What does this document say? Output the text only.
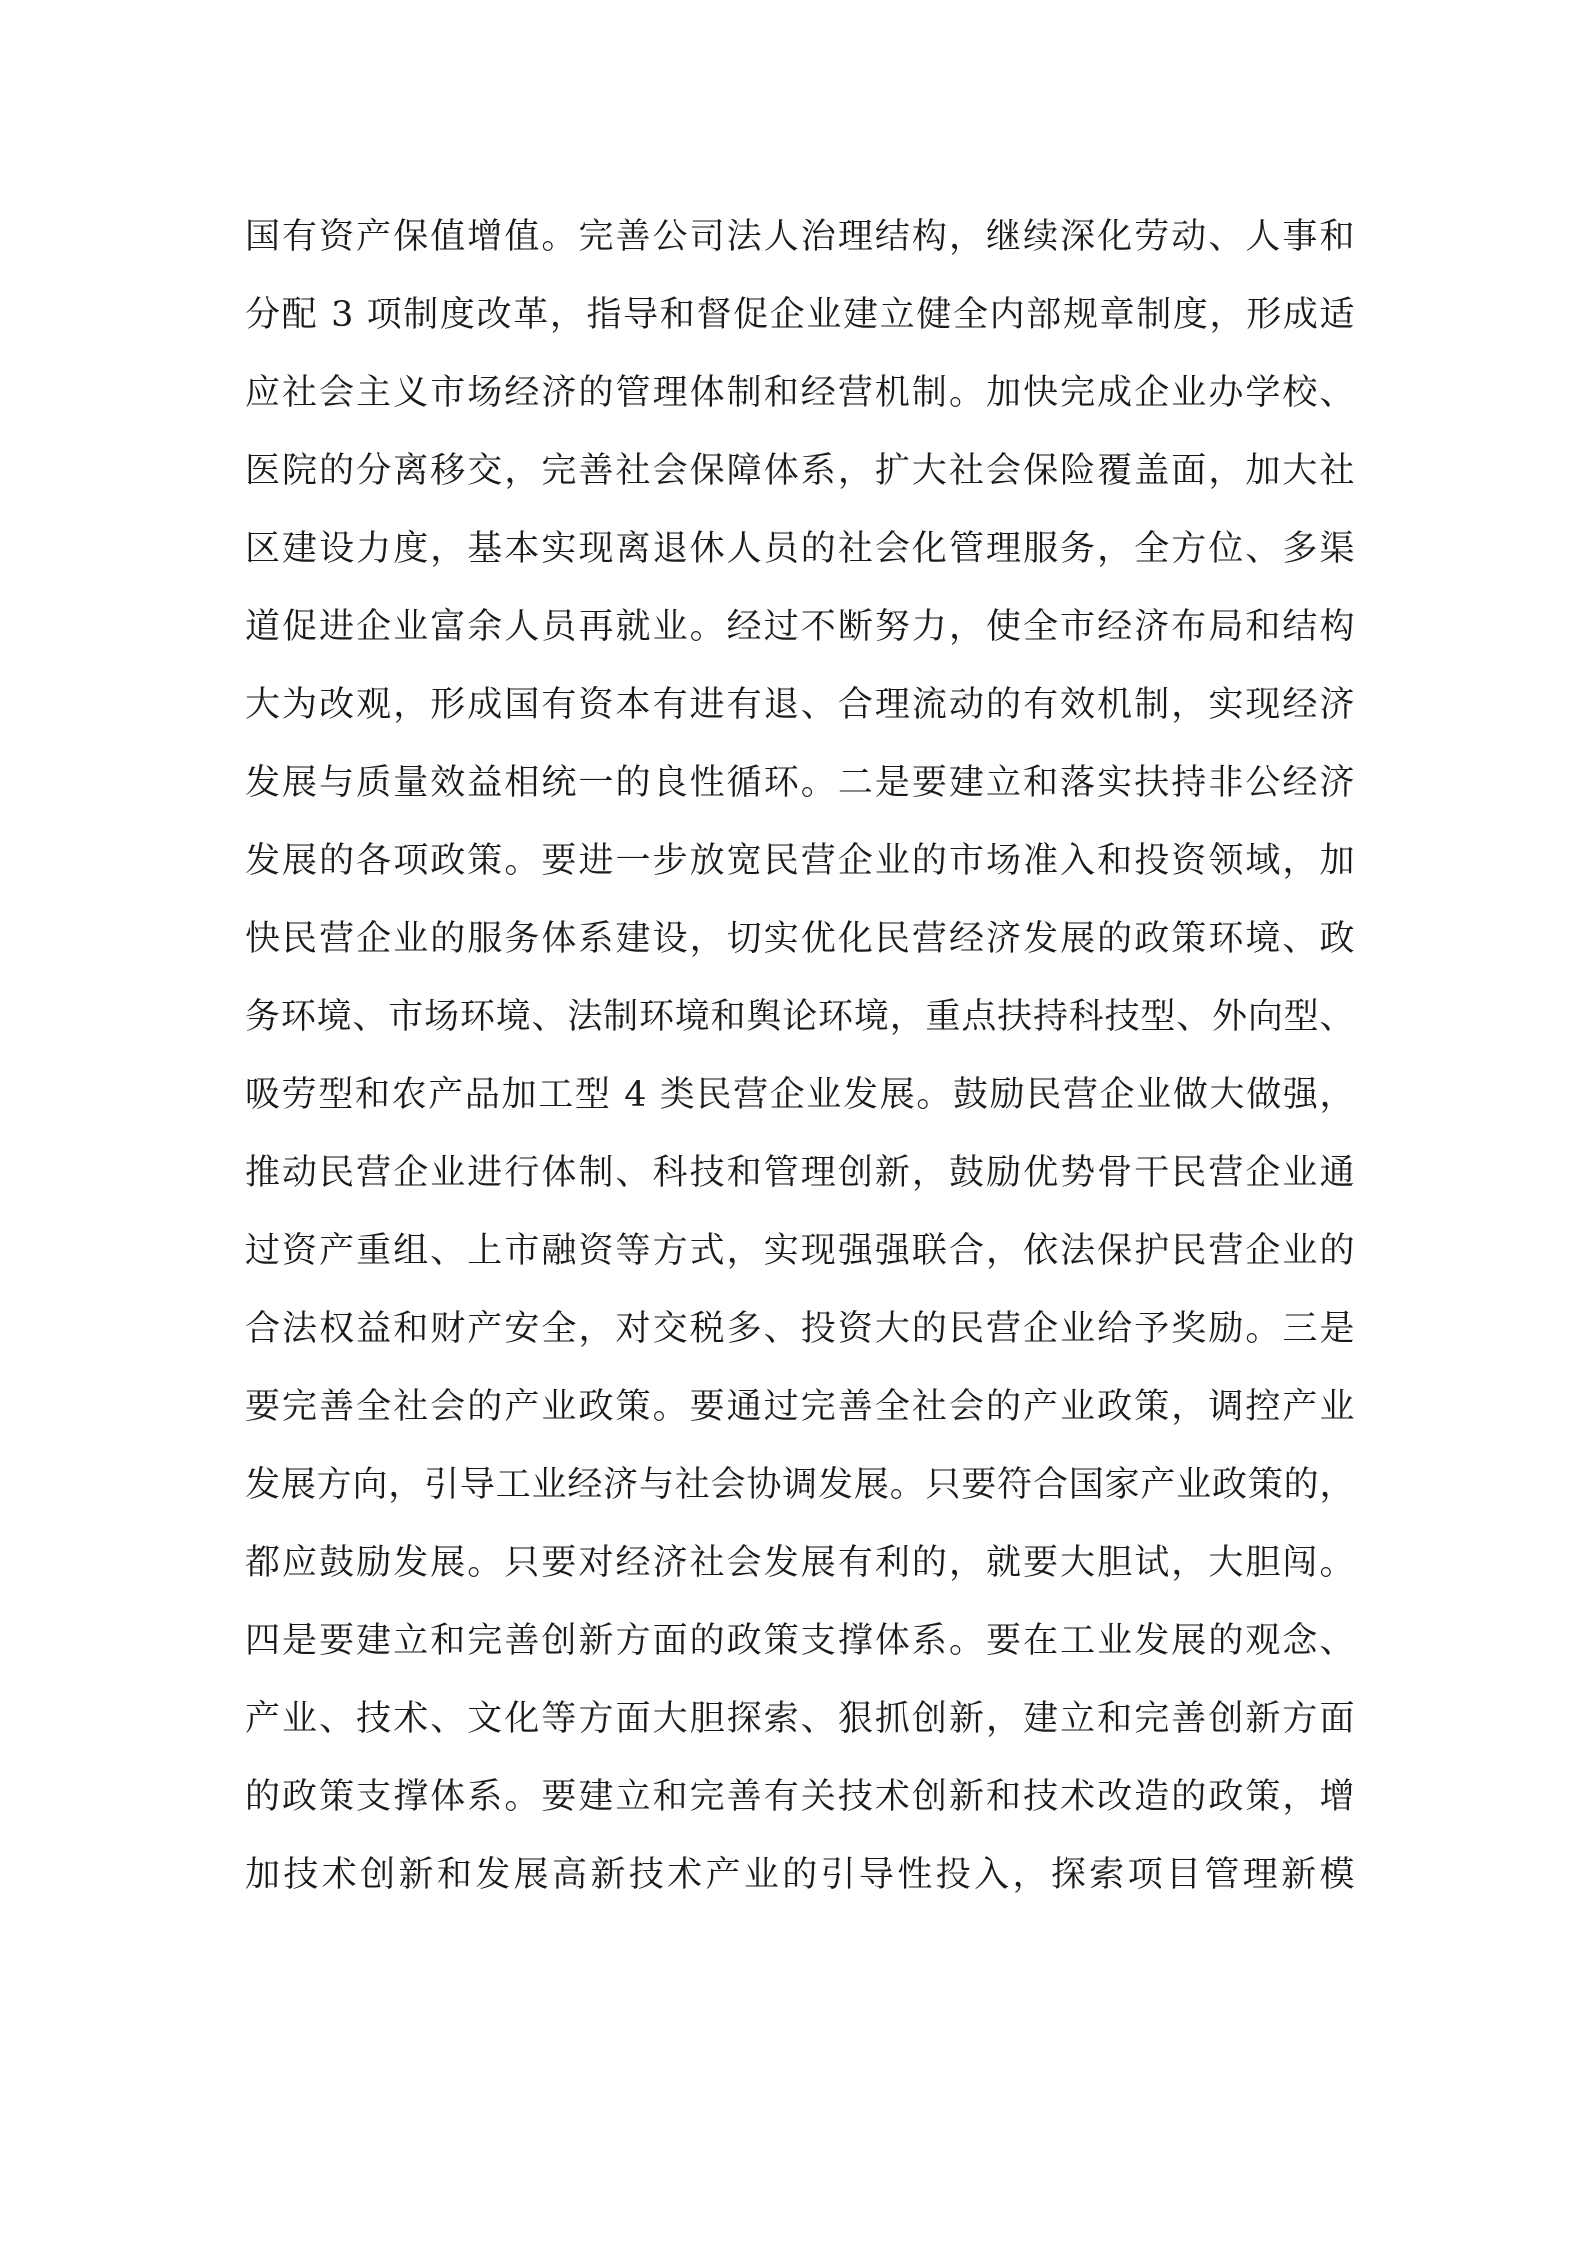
国有资产保值增值。完善公司法人治理结构，继续深化劳动、人事和
分配 3 项制度改革，指导和督促企业建立健全内部规章制度，形成适
应社会主义市场经济的管理体制和经营机制。加快完成企业办学校、
医院的分离移交，完善社会保障体系，扩大社会保险覆盖面，加大社
区建设力度，基本实现离退休人员的社会化管理服务，全方位、多渠
道促进企业富余人员再就业。经过不断努力，使全市经济布局和结构
大为改观，形成国有资本有进有退、合理流动的有效机制，实现经济
发展与质量效益相统一的良性循环。二是要建立和落实扶持非公经济
发展的各项政策。要进一步放宽民营企业的市场准入和投资领域，加
快民营企业的服务体系建设，切实优化民营经济发展的政策环境、政
务环境、市场环境、法制环境和舆论环境，重点扶持科技型、外向型、
吸劳型和农产品加工型 4 类民营企业发展。鼓励民营企业做大做强，
推动民营企业进行体制、科技和管理创新，鼓励优势骨干民营企业通
过资产重组、上市融资等方式，实现强强联合，依法保护民营企业的
合法权益和财产安全，对交税多、投资大的民营企业给予奖励。三是
要完善全社会的产业政策。要通过完善全社会的产业政策，调控产业
发展方向，引导工业经济与社会协调发展。只要符合国家产业政策的，
都应鼓励发展。只要对经济社会发展有利的，就要大胆试，大胆闯。
四是要建立和完善创新方面的政策支撑体系。要在工业发展的观念、
产业、技术、文化等方面大胆探索、狠抓创新，建立和完善创新方面
的政策支撑体系。要建立和完善有关技术创新和技术改造的政策，增
加技术创新和发展高新技术产业的引导性投入，探索项目管理新模
